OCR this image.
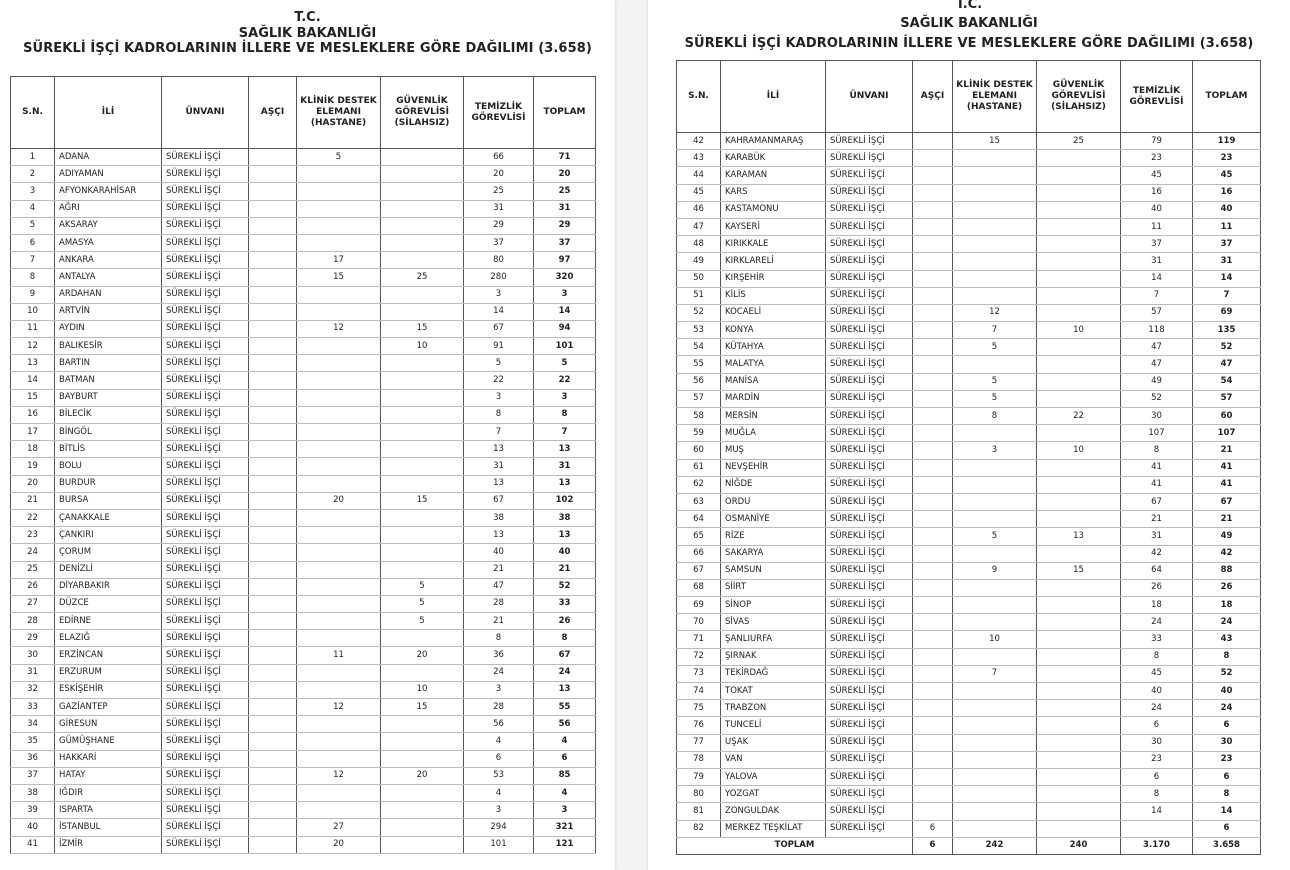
T.C.
SAĞLIK BAKANLIĞI
SÜREKLİ İŞÇİ KADROLARININ İLLERE VE MESLEKLERE GÖRE DAĞILIMI (3.658)
S.N.	İLİ	ÜNVANI	AŞÇI	KLİNİK DESTEK ELEMANI (HASTANE)	GÜVENLİK GÖREVLİSİ (SİLAHSIZ)	TEMİZLİK GÖREVLİSİ	TOPLAM
1	ADANA	SÜREKLİ İŞÇİ		5		66	71
2	ADIYAMAN	SÜREKLİ İŞÇİ				20	20
3	AFYONKARAHİSAR	SÜREKLİ İŞÇİ				25	25
4	AĞRI	SÜREKLİ İŞÇİ				31	31
5	AKSARAY	SÜREKLİ İŞÇİ				29	29
6	AMASYA	SÜREKLİ İŞÇİ				37	37
7	ANKARA	SÜREKLİ İŞÇİ		17		80	97
8	ANTALYA	SÜREKLİ İŞÇİ		15	25	280	320
9	ARDAHAN	SÜREKLİ İŞÇİ				3	3
10	ARTVİN	SÜREKLİ İŞÇİ				14	14
11	AYDIN	SÜREKLİ İŞÇİ		12	15	67	94
12	BALIKESİR	SÜREKLİ İŞÇİ			10	91	101
13	BARTIN	SÜREKLİ İŞÇİ				5	5
14	BATMAN	SÜREKLİ İŞÇİ				22	22
15	BAYBURT	SÜREKLİ İŞÇİ				3	3
16	BİLECİK	SÜREKLİ İŞÇİ				8	8
17	BİNGÖL	SÜREKLİ İŞÇİ				7	7
18	BİTLİS	SÜREKLİ İŞÇİ				13	13
19	BOLU	SÜREKLİ İŞÇİ				31	31
20	BURDUR	SÜREKLİ İŞÇİ				13	13
21	BURSA	SÜREKLİ İŞÇİ		20	15	67	102
22	ÇANAKKALE	SÜREKLİ İŞÇİ				38	38
23	ÇANKIRI	SÜREKLİ İŞÇİ				13	13
24	ÇORUM	SÜREKLİ İŞÇİ				40	40
25	DENİZLİ	SÜREKLİ İŞÇİ				21	21
26	DİYARBAKIR	SÜREKLİ İŞÇİ			5	47	52
27	DÜZCE	SÜREKLİ İŞÇİ			5	28	33
28	EDİRNE	SÜREKLİ İŞÇİ			5	21	26
29	ELAZIĞ	SÜREKLİ İŞÇİ				8	8
30	ERZİNCAN	SÜREKLİ İŞÇİ		11	20	36	67
31	ERZURUM	SÜREKLİ İŞÇİ				24	24
32	ESKİŞEHİR	SÜREKLİ İŞÇİ			10	3	13
33	GAZİANTEP	SÜREKLİ İŞÇİ		12	15	28	55
34	GİRESUN	SÜREKLİ İŞÇİ				56	56
35	GÜMÜŞHANE	SÜREKLİ İŞÇİ				4	4
36	HAKKARİ	SÜREKLİ İŞÇİ				6	6
37	HATAY	SÜREKLİ İŞÇİ		12	20	53	85
38	IĞDIR	SÜREKLİ İŞÇİ				4	4
39	ISPARTA	SÜREKLİ İŞÇİ				3	3
40	İSTANBUL	SÜREKLİ İŞÇİ		27		294	321
41	İZMİR	SÜREKLİ İŞÇİ		20		101	121
T.C.
SAĞLIK BAKANLIĞI
SÜREKLİ İŞÇİ KADROLARININ İLLERE VE MESLEKLERE GÖRE DAĞILIMI (3.658)
S.N.	İLİ	ÜNVANI	AŞÇI	KLİNİK DESTEK ELEMANI (HASTANE)	GÜVENLİK GÖREVLİSİ (SİLAHSIZ)	TEMİZLİK GÖREVLİSİ	TOPLAM
42	KAHRAMANMARAŞ	SÜREKLİ İŞÇİ		15	25	79	119
43	KARABÜK	SÜREKLİ İŞÇİ				23	23
44	KARAMAN	SÜREKLİ İŞÇİ				45	45
45	KARS	SÜREKLİ İŞÇİ				16	16
46	KASTAMONU	SÜREKLİ İŞÇİ				40	40
47	KAYSERİ	SÜREKLİ İŞÇİ				11	11
48	KIRIKKALE	SÜREKLİ İŞÇİ				37	37
49	KIRKLARELİ	SÜREKLİ İŞÇİ				31	31
50	KIRŞEHİR	SÜREKLİ İŞÇİ				14	14
51	KİLİS	SÜREKLİ İŞÇİ				7	7
52	KOCAELİ	SÜREKLİ İŞÇİ		12		57	69
53	KONYA	SÜREKLİ İŞÇİ		7	10	118	135
54	KÜTAHYA	SÜREKLİ İŞÇİ		5		47	52
55	MALATYA	SÜREKLİ İŞÇİ				47	47
56	MANİSA	SÜREKLİ İŞÇİ		5		49	54
57	MARDİN	SÜREKLİ İŞÇİ		5		52	57
58	MERSİN	SÜREKLİ İŞÇİ		8	22	30	60
59	MUĞLA	SÜREKLİ İŞÇİ				107	107
60	MUŞ	SÜREKLİ İŞÇİ		3	10	8	21
61	NEVŞEHİR	SÜREKLİ İŞÇİ				41	41
62	NİĞDE	SÜREKLİ İŞÇİ				41	41
63	ORDU	SÜREKLİ İŞÇİ				67	67
64	OSMANİYE	SÜREKLİ İŞÇİ				21	21
65	RİZE	SÜREKLİ İŞÇİ		5	13	31	49
66	SAKARYA	SÜREKLİ İŞÇİ				42	42
67	SAMSUN	SÜREKLİ İŞÇİ		9	15	64	88
68	SİİRT	SÜREKLİ İŞÇİ				26	26
69	SİNOP	SÜREKLİ İŞÇİ				18	18
70	SİVAS	SÜREKLİ İŞÇİ				24	24
71	ŞANLIURFA	SÜREKLİ İŞÇİ		10		33	43
72	ŞIRNAK	SÜREKLİ İŞÇİ				8	8
73	TEKİRDAĞ	SÜREKLİ İŞÇİ		7		45	52
74	TOKAT	SÜREKLİ İŞÇİ				40	40
75	TRABZON	SÜREKLİ İŞÇİ				24	24
76	TUNCELİ	SÜREKLİ İŞÇİ				6	6
77	UŞAK	SÜREKLİ İŞÇİ				30	30
78	VAN	SÜREKLİ İŞÇİ				23	23
79	YALOVA	SÜREKLİ İŞÇİ				6	6
80	YOZGAT	SÜREKLİ İŞÇİ				8	8
81	ZONGULDAK	SÜREKLİ İŞÇİ				14	14
82	MERKEZ TEŞKİLAT	SÜREKLİ İŞÇİ	6				6
TOPLAM			6	242	240	3.170	3.658
